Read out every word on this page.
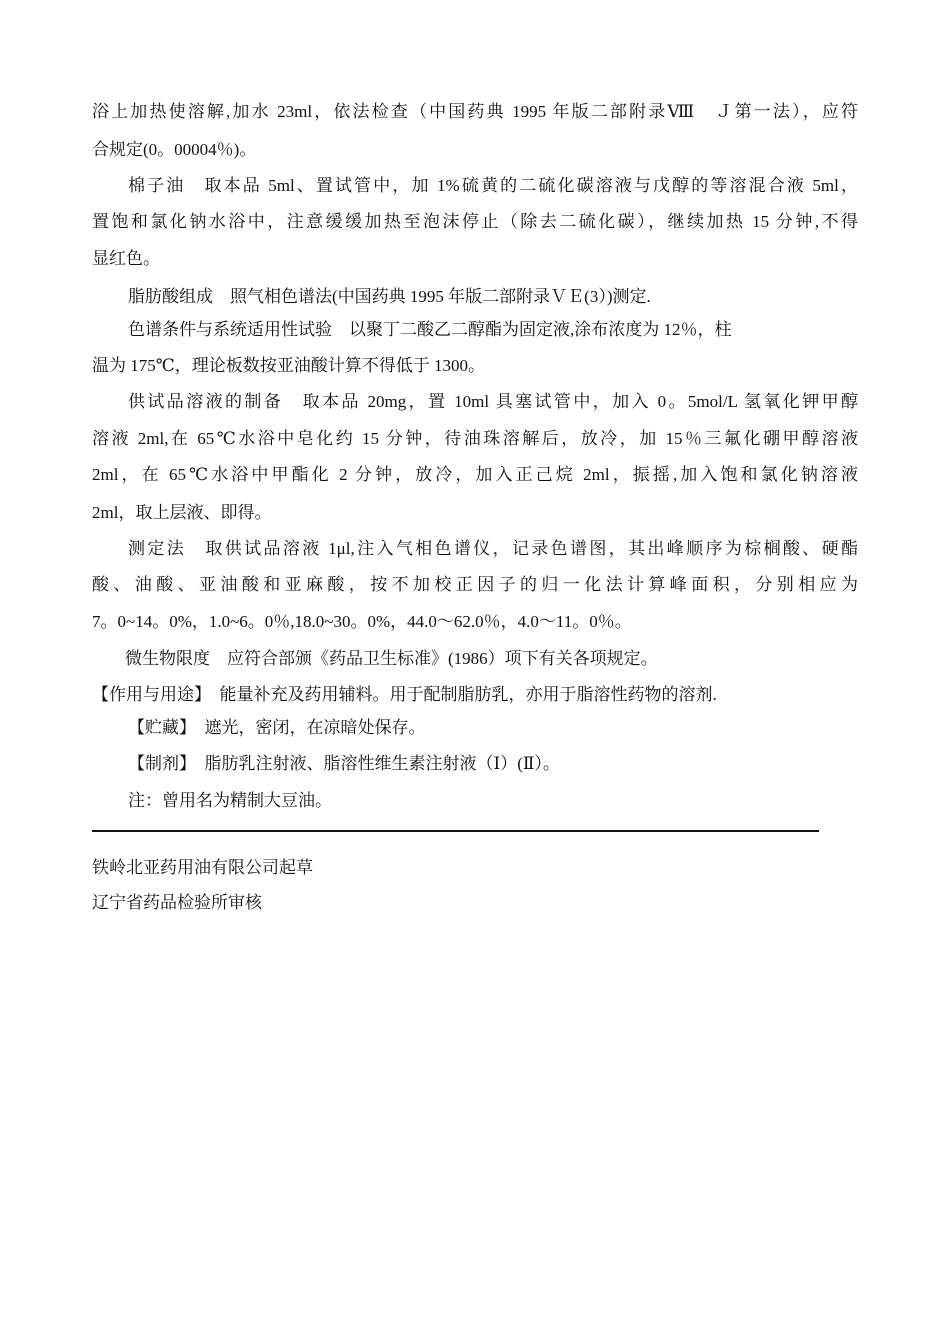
浴上加热使溶解,加水 23ml，依法检查（中国药典 1995 年版二部附录Ⅷ　Ｊ第一法），应符
合规定(0。00004％)。
棉子油　取本品 5ml、置试管中，加 1%硫黄的二硫化碳溶液与戊醇的等溶混合液 5ml，
置饱和氯化钠水浴中，注意缓缓加热至泡沫停止（除去二硫化碳），继续加热 15 分钟,不得
显红色。
脂肪酸组成　照气相色谱法(中国药典 1995 年版二部附录ＶＥ(3）)测定.
色谱条件与系统适用性试验　以聚丁二酸乙二醇酯为固定液,涂布浓度为 12％，柱
温为 175℃，理论板数按亚油酸计算不得低于 1300。
供试品溶液的制备　取本品 20mg，置 10ml 具塞试管中，加入 0。5mol/L 氢氧化钾甲醇
溶液 2ml,在 65℃水浴中皂化约 15 分钟，待油珠溶解后，放冷，加 15％三氟化硼甲醇溶液
2ml，在 65℃水浴中甲酯化 2 分钟，放冷，加入正己烷 2ml，振摇,加入饱和氯化钠溶液
2ml，取上层液、即得。
测定法　取供试品溶液 1μl,注入气相色谱仪，记录色谱图，其出峰顺序为棕榈酸、硬酯
酸、油酸、亚油酸和亚麻酸，按不加校正因子的归一化法计算峰面积，分别相应为
7。0~14。0%，1.0~6。0％,18.0~30。0%，44.0～62.0％，4.0～11。0％。
微生物限度　应符合部颁《药品卫生标准》(1986）项下有关各项规定。
【作用与用途】　能量补充及药用辅料。用于配制脂肪乳，亦用于脂溶性药物的溶剂.
【贮藏】　遮光，密闭，在凉暗处保存。
【制剂】　脂肪乳注射液、脂溶性维生素注射液（Ⅰ）(Ⅱ）。
注：曾用名为精制大豆油。
铁岭北亚药用油有限公司起草
辽宁省药品检验所审核
